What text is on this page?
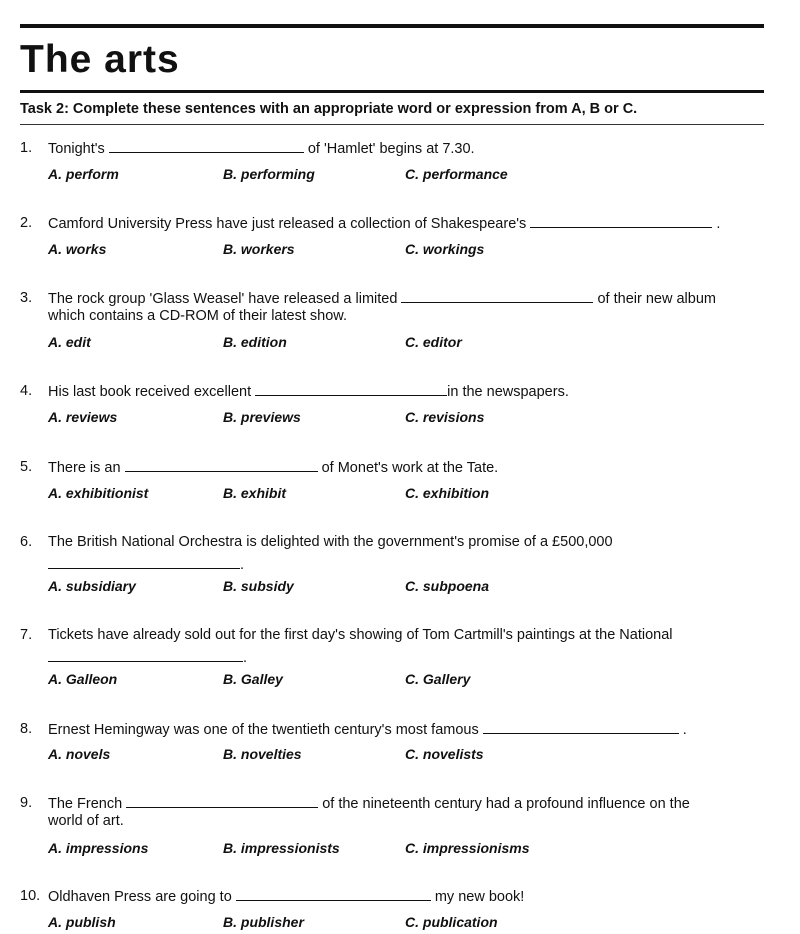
The arts
Task 2: Complete these sentences with an appropriate word or expression from A, B or C.
1.	Tonight's	of 'Hamlet' begins at 7.30.
A. perform	B. performing	C. performance
2.	Camford University Press have just released a collection of Shakespeare's	.
A. works	B. workers	C. workings
3.	The rock group 'Glass Weasel' have released a limited	of their new album
which contains a CD-ROM of their latest show.
A. edit	B. edition	C. editor
4.	His last book received excellent	in the newspapers.
A. reviews	B. previews	C. revisions
5.	There is an	of Monet's work at the Tate.
A. exhibitionist	B. exhibit	C. exhibition
6.	The British National Orchestra is delighted with the government's promise of a £500,000
.
A. subsidiary	B. subsidy	C. subpoena
7.	Tickets have already sold out for the first day's showing of Tom Cartmill's paintings at the National
.
A. Galleon	B. Galley	C. Gallery
8.	Ernest Hemingway was one of the twentieth century's most famous	.
A. novels	B. novelties	C. novelists
9.	The French	of the nineteenth century had a profound influence on the
world of art.
A. impressions	B. impressionists	C. impressionisms
10. Oldhaven Press are going to	my new book!
A. publish	B. publisher	C. publication
